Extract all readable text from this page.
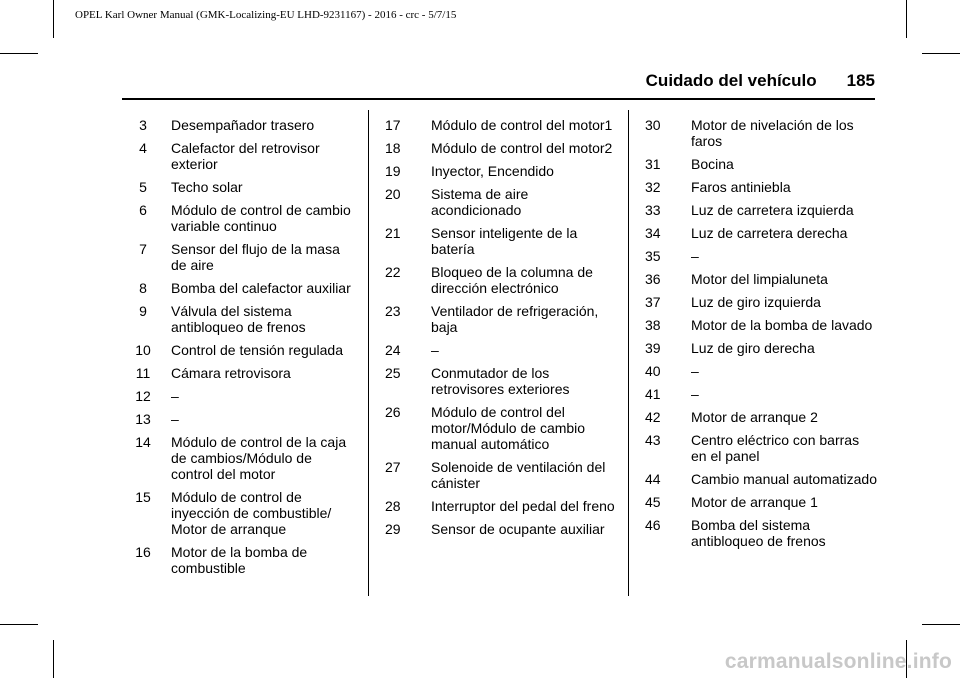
OPEL Karl Owner Manual (GMK-Localizing-EU LHD-9231167) - 2016 - crc - 5/7/15
Cuidado del vehículo 185
3	Desempañador trasero
4	Calefactor del retrovisor exterior
5	Techo solar
6	Módulo de control de cambio variable continuo
7	Sensor del flujo de la masa de aire
8	Bomba del calefactor auxiliar
9	Válvula del sistema antibloqueo de frenos
10	Control de tensión regulada
11	Cámara retrovisora
12	–
13	–
14	Módulo de control de la caja de cambios/Módulo de control del motor
15	Módulo de control de inyección de combustible/ Motor de arranque
16	Motor de la bomba de combustible
17	Módulo de control del motor1
18	Módulo de control del motor2
19	Inyector, Encendido
20	Sistema de aire acondicionado
21	Sensor inteligente de la batería
22	Bloqueo de la columna de dirección electrónico
23	Ventilador de refrigeración, baja
24	–
25	Conmutador de los retrovisores exteriores
26	Módulo de control del motor/Módulo de cambio manual automático
27	Solenoide de ventilación del cánister
28	Interruptor del pedal del freno
29	Sensor de ocupante auxiliar
30	Motor de nivelación de los faros
31	Bocina
32	Faros antiniebla
33	Luz de carretera izquierda
34	Luz de carretera derecha
35	–
36	Motor del limpialuneta
37	Luz de giro izquierda
38	Motor de la bomba de lavado
39	Luz de giro derecha
40	–
41	–
42	Motor de arranque 2
43	Centro eléctrico con barras en el panel
44	Cambio manual automatizado
45	Motor de arranque 1
46	Bomba del sistema antibloqueo de frenos
carmanualsonline.info
